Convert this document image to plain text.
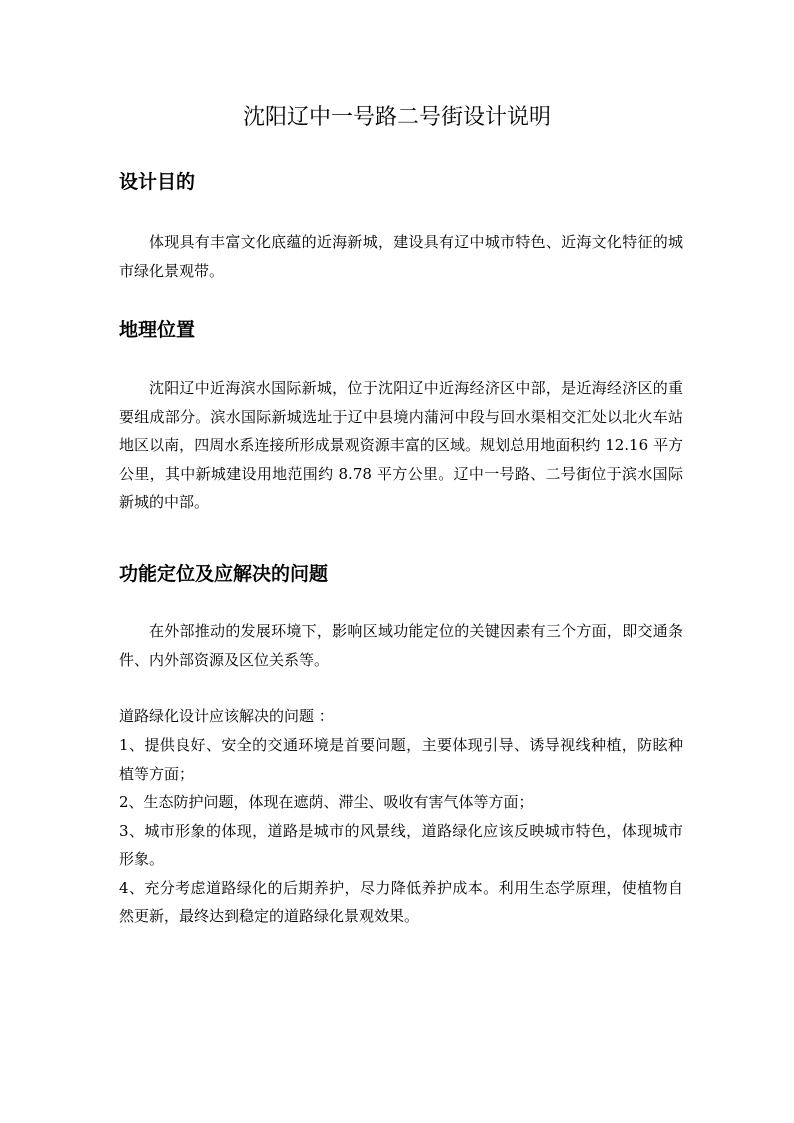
沈阳辽中一号路二号街设计说明
设计目的

体现具有丰富文化底蕴的近海新城，建设具有辽中城市特色、近海文化特征的城市绿化景观带。

地理位置

沈阳辽中近海滨水国际新城，位于沈阳辽中近海经济区中部，是近海经济区的重要组成部分。滨水国际新城选址于辽中县境内蒲河中段与回水渠相交汇处以北火车站地区以南，四周水系连接所形成景观资源丰富的区域。规划总用地面积约 12.16 平方公里，其中新城建设用地范围约 8.78 平方公里。辽中一号路、二号街位于滨水国际新城的中部。

功能定位及应解决的问题

在外部推动的发展环境下，影响区域功能定位的关键因素有三个方面，即交通条件、内外部资源及区位关系等。

道路绿化设计应该解决的问题 ：

1、提供良好、安全的交通环境是首要问题，主要体现引导、诱导视线种植，防眩种植等方面；
2、生态防护问题，体现在遮荫、滞尘、吸收有害气体等方面；
3、城市形象的体现，道路是城市的风景线，道路绿化应该反映城市特色，体现城市形象。
4、充分考虑道路绿化的后期养护，尽力降低养护成本。利用生态学原理，使植物自然更新，最终达到稳定的道路绿化景观效果。
